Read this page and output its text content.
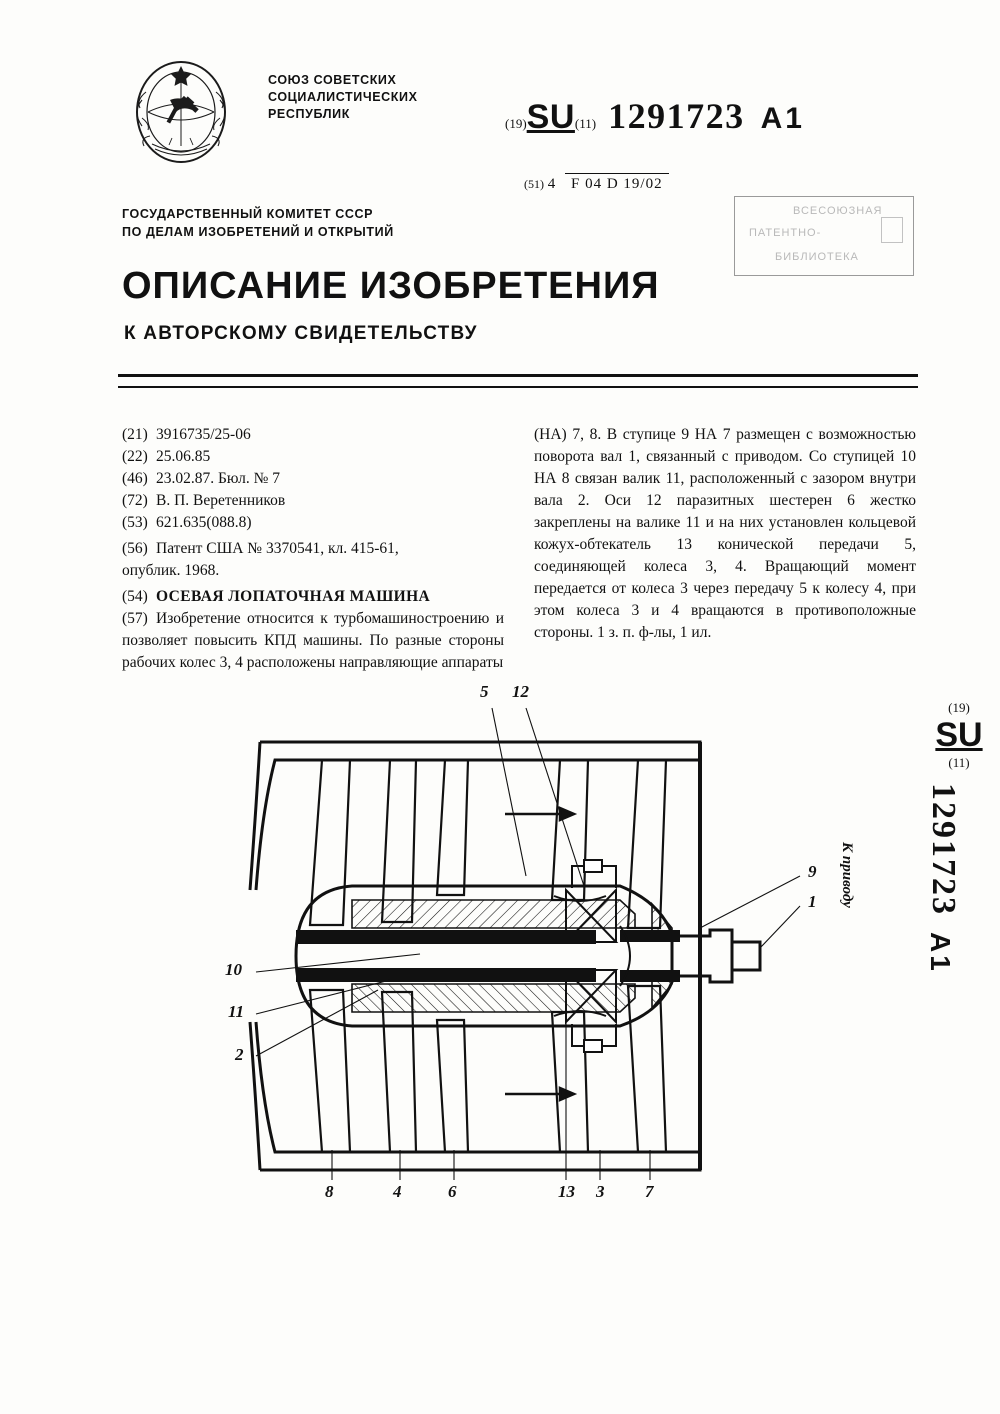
СОЮЗ СОВЕТСКИХ
СОЦИАЛИСТИЧЕСКИХ
РЕСПУБЛИК
(19)SU(11) 1291723 A1
(51) 4 F 04 D 19/02
ВСЕСОЮЗНАЯ
ПАТЕНТНО-
БИБЛИОТЕКА
ГОСУДАРСТВЕННЫЙ КОМИТЕТ СССР
ПО ДЕЛАМ ИЗОБРЕТЕНИЙ И ОТКРЫТИЙ
ОПИСАНИЕ ИЗОБРЕТЕНИЯ
К АВТОРСКОМУ СВИДЕТЕЛЬСТВУ
(21) 3916735/25-06
(22) 25.06.85
(46) 23.02.87. Бюл. № 7
(72) В. П. Веретенников
(53) 621.635(088.8)
(56) Патент США № 3370541, кл. 415-61,
опублик. 1968.
(54) ОСЕВАЯ ЛОПАТОЧНАЯ МАШИНА
(57) Изобретение относится к турбомашиностроению и позволяет повысить КПД машины. По разные стороны рабочих колес 3, 4 расположены направляющие аппараты
(НА) 7, 8. В ступице 9 НА 7 размещен с возможностью поворота вал 1, связанный с приводом. Со ступицей 10 НА 8 связан валик 11, расположенный с зазором внутри вала 2. Оси 12 паразитных шестерен 6 жестко закреплены на валике 11 и на них установлен кольцевой кожух-обтекатель 13 конической передачи 5, соединяющей колеса 3, 4. Вращающий момент передается от колеса 3 через передачу 5 к колесу 4, при этом колеса 3 и 4 вращаются в противоположные стороны. 1 з. п. ф-лы, 1 ил.
5 12
9
1
10
11
2
8	4	6	13 3 7
К приводу
(19)
SU
(11)
1291723
A1
